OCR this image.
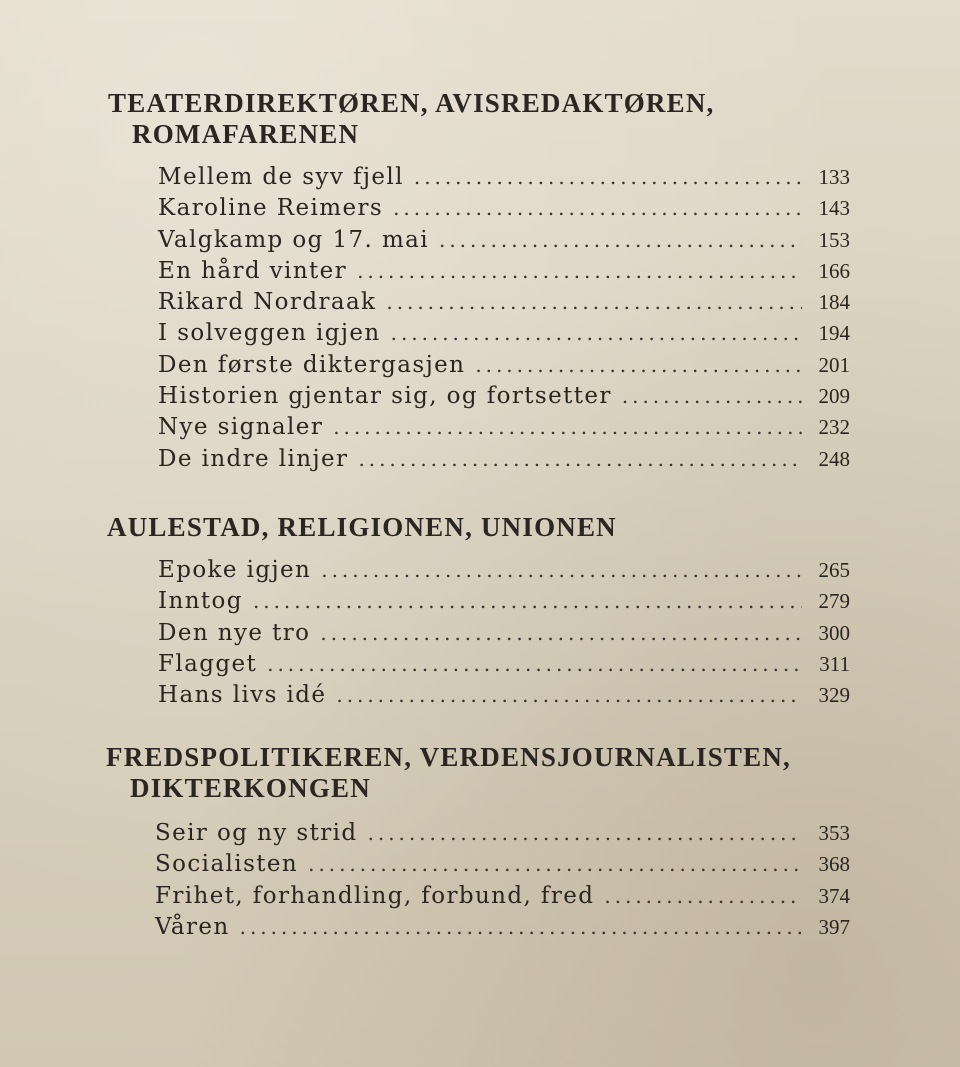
TEATERDIREKTØREN, AVISREDAKTØREN,
ROMAFARENEN
Mellem de syv fjell . . .	133
Karoline Reimers . . .	143
Valgkamp og 17. mai . . .	153
En hård vinter . . .	166
Rikard Nordraak . . .	184
I solveggen igjen . . .	194
Den første diktergasjen . . .	201
Historien gjentar sig, og fortsetter . . .	209
Nye signaler . . .	232
De indre linjer . . .	248
AULESTAD, RELIGIONEN, UNIONEN
Epoke igjen . . .	265
Inntog . . .	279
Den nye tro . . .	300
Flagget . . .	311
Hans livs idé . . .	329
FREDSPOLITIKEREN, VERDENSJOURNALISTEN,
DIKTERKONGEN
Seir og ny strid . . .	353
Socialisten . . .	368
Frihet, forhandling, forbund, fred . . .	374
Våren . . .	397
